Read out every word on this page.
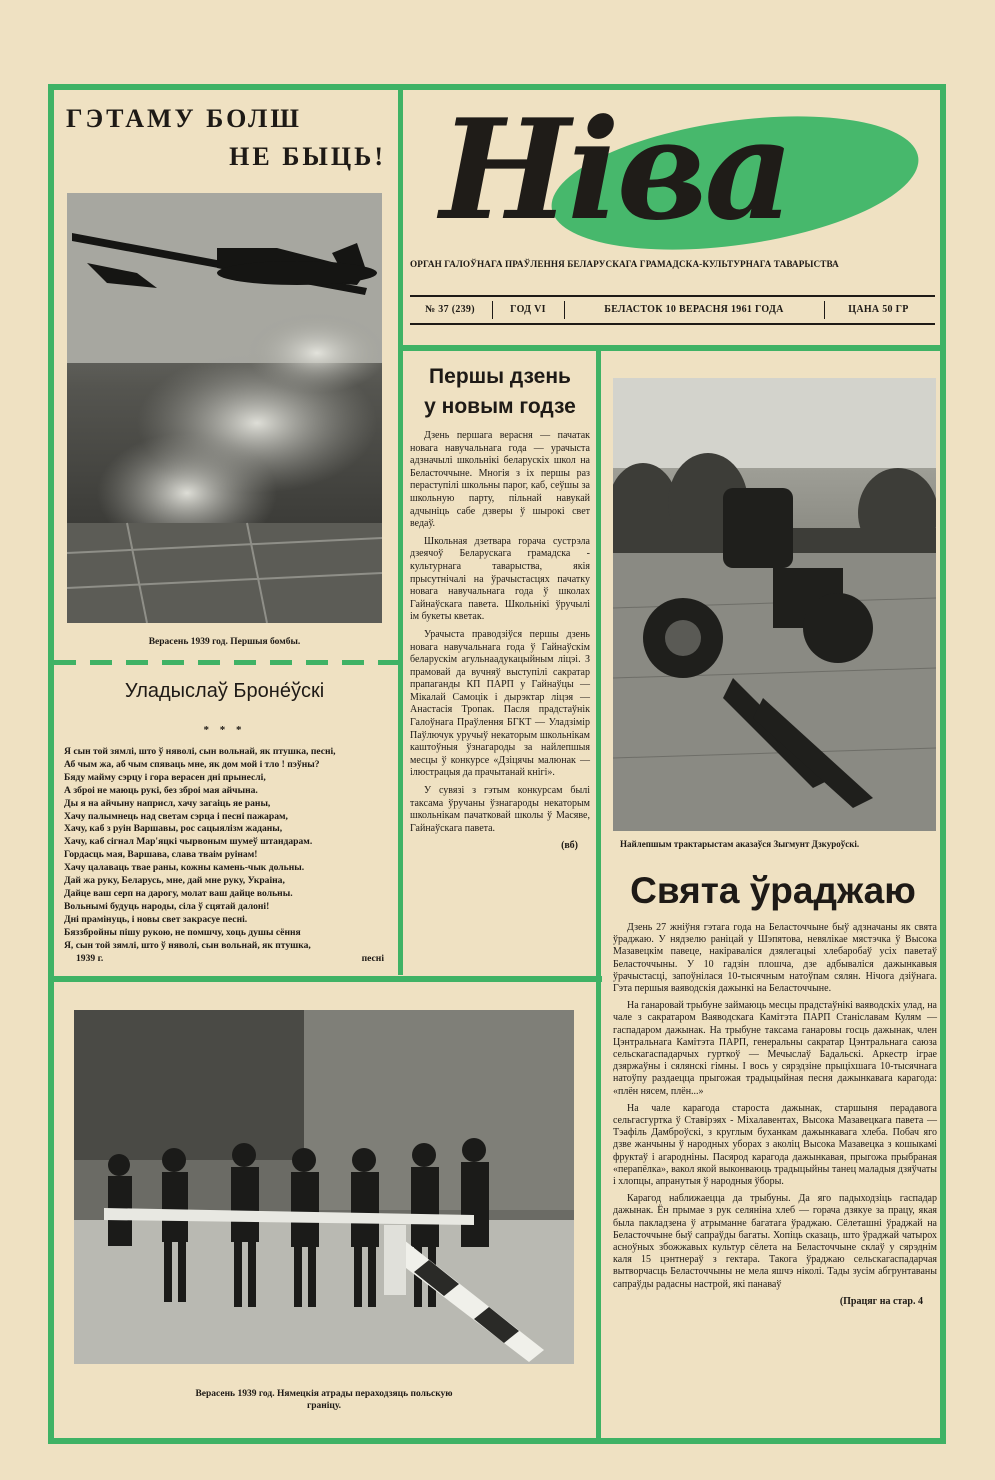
Ніва
ОРГАН ГАЛОЎНАГА ПРАЎЛЕННЯ БЕЛАРУСКАГА ГРАМАДСКА-КУЛЬТУРНАГА ТАВАРЫСТВА
№ 37 (239)	ГОД VI	БЕЛАСТОК 10 ВЕРАСНЯ 1961 ГОДА	ЦАНА 50 ГР
ГЭТАМУ БОЛШ
НЕ БЫЦЬ!
Верасень 1939 год. Першыя бомбы.
Уладыслаў Броне́ўскі
* * *
Я сын той зямлі, што ў няволі, сын вольнай, як птушка, песні,
Аб чым жа, аб чым спяваць мне, як дом мой і тло ! пэўны?
Бяду майму сэрцу і гора верасен дні прынеслі,
А зброі не маюць рукі, без зброі мая айчына.
Ды я на айчыну наприсл, хачу загаіць яе раны,
Хачу палымнець над светам сэрца і песні пажарам,
Хачу, каб з руін Варшавы, рос сацыялізм жаданы,
Хачу, каб сігнал Мар'яцкі чырвоным шумеў штандарам.
Гордасць мая, Варшава, слава тваім руінам!
Хачу цалаваць твае раны, кожны камень-чык дольны.
Дай жа руку, Беларусь, мне, дай мне руку, Украіна,
Дайце ваш серп на дарогу, молат ваш дайце вольны.
Вольнымі будуць народы, сіла ў сцятай далоні!
Дні прамінуць, і новы свет закрасуе песні.
Бяззбройны пішу рукою, не помшчу, хоць душы сёння
Я, сын той зямлі, што ў няволі, сын вольнай, як птушка,
1939 г.	песні
Першы дзень
у новым годзе

Дзень першага верасня — пачатак новага навучальнага года — урачыста адзначылі школьнікі беларускіх школ на Беласточчыне. Многія з іх першы раз пераступілі школьны парог, каб, сеўшы за школьную парту, пільнай навукай адчыніць сабе дзверы ў шырокі свет ведаў.

Школьная дзетвара горача сустрэла дзеячоў Беларускага грамадска - культурнага таварыства, якія прысутнічалі на ўрачыстасцях пачатку новага навучальнага года ў школах Гайнаўскага павета. Школьнікі ўручылі ім букеты кветак.

Урачыста праводзіўся першы дзень новага навучальнага года ў Гайнаўскім беларускім агульнаадукацыйным ліцэі. З прамовай да вучняў выступілі сакратар прапаганды КП ПАРП у Гайнаўцы — Мікалай Самоцік і дырэктар ліцэя — Анастасія Тропак. Пасля прадстаўнік Галоўнага Праўлення БГКТ — Уладзімір Паўлючук уручыў некаторым школьнікам каштоўныя ўзнагароды за найлепшыя месцы ў конкурсе «Дзіцячы малюнак — ілюстрацыя да прачытанай кнігі».

У сувязі з гэтым конкурсам былі таксама ўручаны ўзнагароды некаторым школьнікам пачатковай школы ў Масяве, Гайнаўскага павета.

(вб)	Найлепшым трактарыстам аказаўся Зыгмунт Дзкуроўскі.
Свята ўраджаю

Дзень 27 жніўня гэтага года на Беласточчыне быў адзначаны як свята ўраджаю. У нядзелю раніцай у Шэпятова, невялікае мястэчка ў Высока Мазавецкім павеце, накіраваліся дзялегацыі хлебаробаў усіх паветаў Беласточчыны. У 10 гадзін плошча, дзе адбываліся дажынкавыя ўрачыстасці, запоўнілася 10-тысячным натоўпам сялян. Нічога дзіўнага. Гэта першыя ваяводскія дажынкі на Беласточчыне.

На ганаровай трыбуне займаюць месцы прадстаўнікі ваяводскіх улад, на чале з сакратаром Ваяводскага Камітэта ПАРП Станіславам Кулям — гаспадаром дажынак. На трыбуне таксама ганаровы госць дажынак, член Цэнтральнага Камітэта ПАРП, генеральны сакратар Цэнтральнага саюза сельскагаспадарчых гурткоў — Мечыслаў Бадальскі. Аркестр іграе дзяржаўны і сялянскі гімны. І вось у сярэдзіне прыціхшага 10-тысячнага натоўпу раздаецца прыгожая традыцыйная песня дажынкавага карагода: «плён нясем, плён...»

На чале карагода староста дажынак, старшыня перадавога сельгасгуртка ў Ставірэях - Міхалавентах, Высока Мазавецкага павета — Тэафіль Дамброўскі, з круглым буханкам дажынкавага хлеба. Побач яго дзве жанчыны ў народных уборах з аколіц Высока Мазавецка з кошыкамі фруктаў і агародніны. Пасярод карагода дажынкавая, прыгожа прыбраная «перапёлка», вакол якой выконваюць традыцыйны танец маладыя дзяўчаты і хлопцы, апранутыя ў народныя ўборы.

Карагод наближаецца да трыбуны. Да яго падыходзіць гаспадар дажынак. Ён прымае з рук селяніна хлеб — горача дзякуе за працу, якая была пакладзена ў атрыманне багатага ўраджаю. Сёлеташні ўраджай на Беласточчыне быў сапраўды багаты. Хопіць сказаць, што ўраджай чатырох асноўных збожжавых культур сёлета на Беласточчыне склаў у сярэднім каля 15 цэнтнераў з гектара. Такога ўраджаю сельскагаспадарчая вытворчасць Беласточчыны не мела яшчэ ніколі. Тады зусім абгрунтаваны сапраўды радасны настрой, які панаваў

(Працяг на стар. 4
Верасень 1939 год. Нямецкія атрады пераходзяць польскую
граніцу.
